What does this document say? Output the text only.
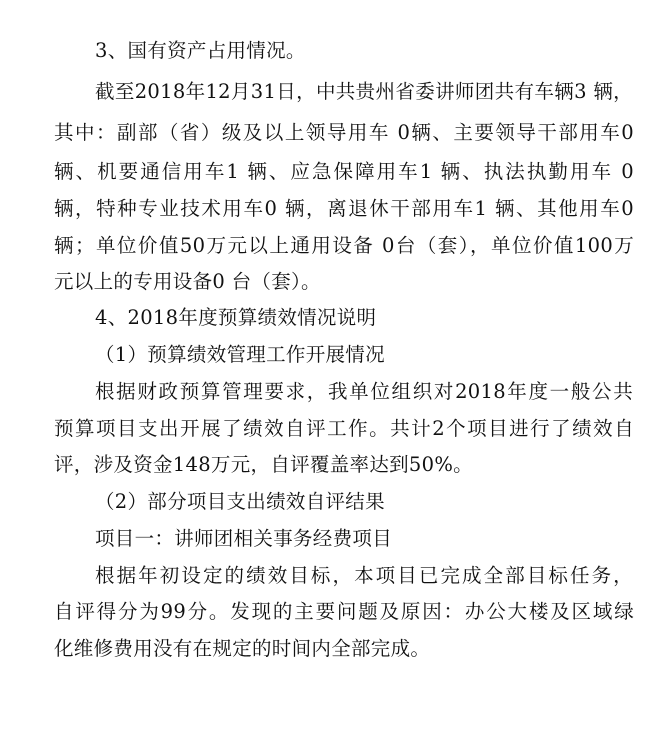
3、国有资产占用情况。
截至2018年12月31日，中共贵州省委讲师团共有车辆3 辆，
其中：副部（省）级及以上领导用车 0辆、主要领导干部用车0
辆、机要通信用车1 辆、应急保障用车1 辆、执法执勤用车 0
辆，特种专业技术用车0 辆，离退休干部用车1 辆、其他用车0
辆；单位价值50万元以上通用设备 0台（套），单位价值100万
元以上的专用设备0 台（套）。
4、2018年度预算绩效情况说明
（1）预算绩效管理工作开展情况
根据财政预算管理要求，我单位组织对2018年度一般公共
预算项目支出开展了绩效自评工作。共计2个项目进行了绩效自
评，涉及资金148万元，自评覆盖率达到50%。
（2）部分项目支出绩效自评结果
项目一：讲师团相关事务经费项目
根据年初设定的绩效目标，本项目已完成全部目标任务，
自评得分为99分。发现的主要问题及原因：办公大楼及区域绿
化维修费用没有在规定的时间内全部完成。
